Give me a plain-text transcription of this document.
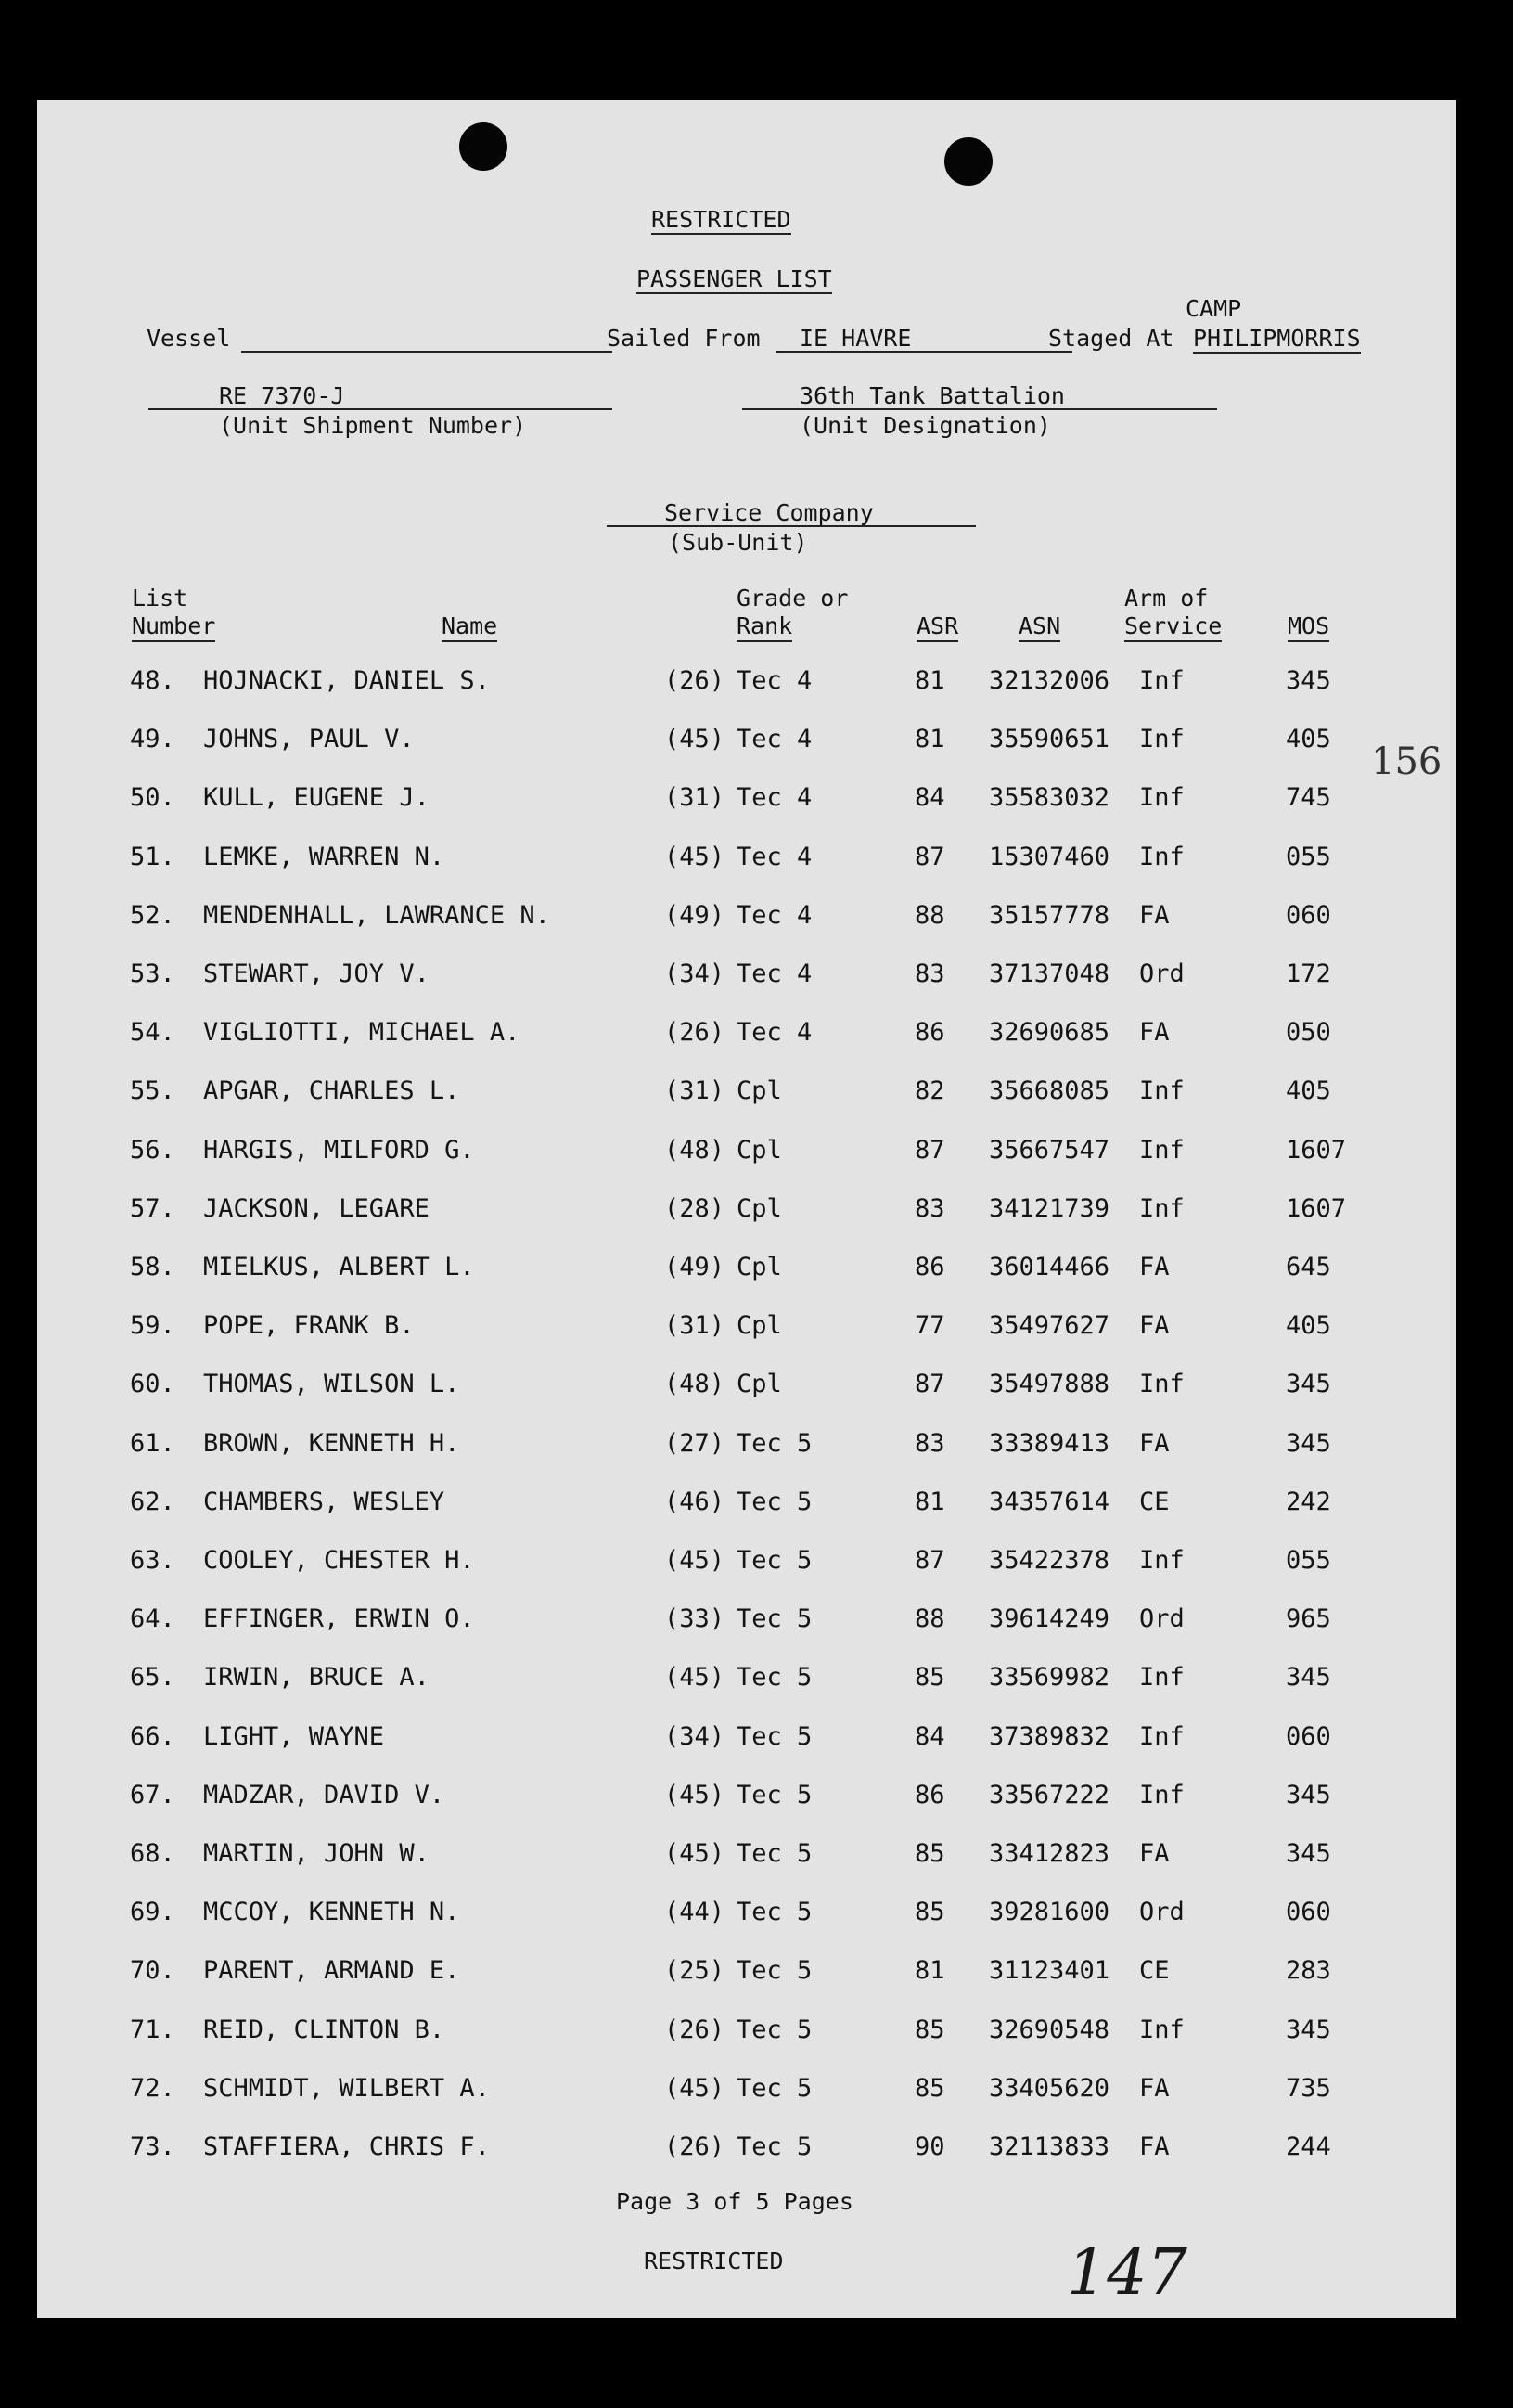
RESTRICTED
PASSENGER LIST
Vessel	Sailed From IE HAVRE
CAMP
Staged At PHILIPMORRIS
RE 7370-J
(Unit Shipment Number)
36th Tank Battalion
(Unit Designation)
Service Company
(Sub-Unit)
List
Number	Name
Grade or
Rank	ASR	ASN
Arm of
Service	MOS
48. HOJNACKI, DANIEL S.	(26) Tec 4	81 32132006 Inf	345
49. JOHNS, PAUL V.	(45) Tec 4	81 35590651 Inf	405
50. KULL, EUGENE J.	(31) Tec 4	84 35583032 Inf	745
51. LEMKE, WARREN N.	(45) Tec 4	87 15307460 Inf	055
52. MENDENHALL, LAWRANCE N.	(49) Tec 4	88 35157778 FA	060
53. STEWART, JOY V.	(34) Tec 4	83 37137048 Ord	172
54. VIGLIOTTI, MICHAEL A.	(26) Tec 4	86 32690685 FA	050
55. APGAR, CHARLES L.	(31) Cpl	82 35668085 Inf	405
56. HARGIS, MILFORD G.	(48) Cpl	87 35667547 Inf	1607
57. JACKSON, LEGARE	(28) Cpl	83 34121739 Inf	1607
58. MIELKUS, ALBERT L.	(49) Cpl	86 36014466 FA	645
59. POPE, FRANK B.	(31) Cpl	77 35497627 FA	405
60. THOMAS, WILSON L.	(48) Cpl	87 35497888 Inf	345
61. BROWN, KENNETH H.	(27) Tec 5	83 33389413 FA	345
62. CHAMBERS, WESLEY	(46) Tec 5	81 34357614 CE	242
63. COOLEY, CHESTER H.	(45) Tec 5	87 35422378 Inf	055
64. EFFINGER, ERWIN O.	(33) Tec 5	88 39614249 Ord	965
65. IRWIN, BRUCE A.	(45) Tec 5	85 33569982 Inf	345
66. LIGHT, WAYNE	(34) Tec 5	84 37389832 Inf	060
67. MADZAR, DAVID V.	(45) Tec 5	86 33567222 Inf	345
68. MARTIN, JOHN W.	(45) Tec 5	85 33412823 FA	345
69. MCCOY, KENNETH N.	(44) Tec 5	85 39281600 Ord	060
70. PARENT, ARMAND E.	(25) Tec 5	81 31123401 CE	283
71. REID, CLINTON B.	(26) Tec 5	85 32690548 Inf	345
72. SCHMIDT, WILBERT A.	(45) Tec 5	85 33405620 FA	735
73. STAFFIERA, CHRIS F.	(26) Tec 5	90 32113833 FA	244
Page 3 of 5 Pages
RESTRICTED
156
147
